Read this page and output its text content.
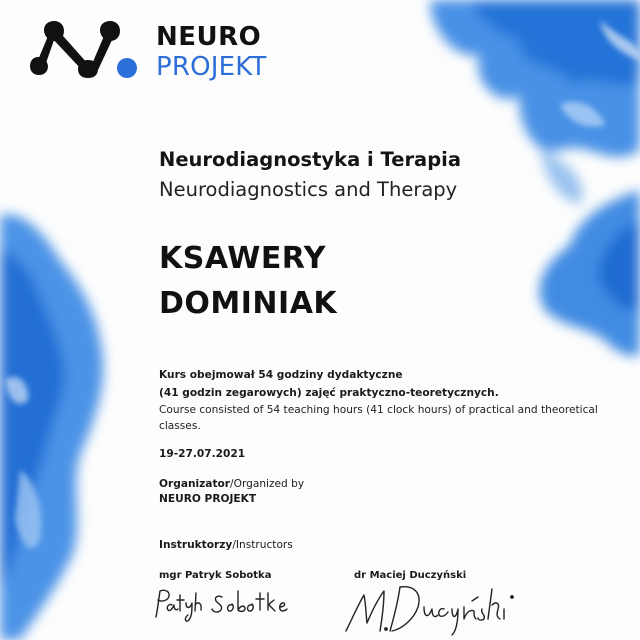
NEURO
PROJEKT
Neurodiagnostyka i Terapia
Neurodiagnostics and Therapy
KSAWERY
DOMINIAK
Kurs obejmował 54 godziny dydaktyczne
(41 godzin zegarowych) zajęć praktyczno-teoretycznych.
Course consisted of 54 teaching hours (41 clock hours) of practical and theoretical
classes.
19-27.07.2021
Organizator/Organized by
NEURO PROJEKT
Instruktorzy/Instructors
mgr Patryk Sobotka	dr Maciej Duczyński
